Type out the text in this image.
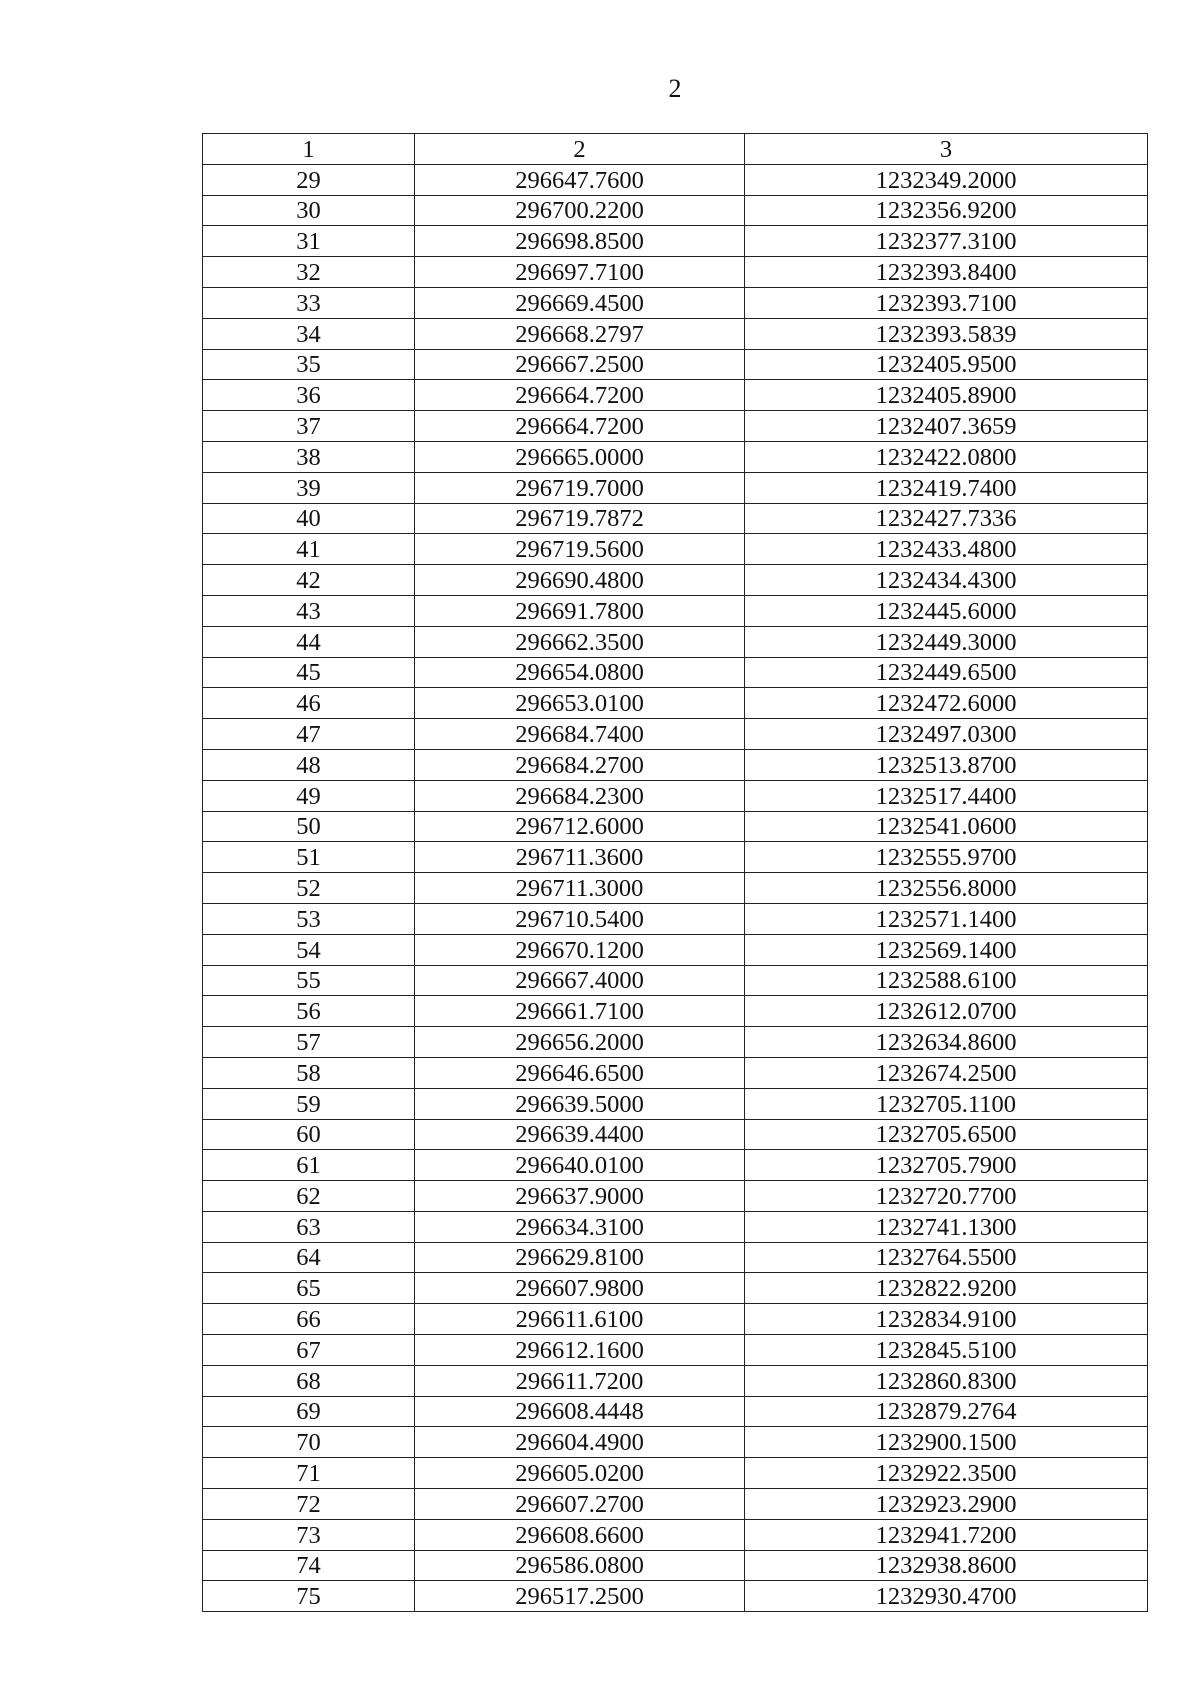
2
1	2	3
29	296647.7600	1232349.2000
30	296700.2200	1232356.9200
31	296698.8500	1232377.3100
32	296697.7100	1232393.8400
33	296669.4500	1232393.7100
34	296668.2797	1232393.5839
35	296667.2500	1232405.9500
36	296664.7200	1232405.8900
37	296664.7200	1232407.3659
38	296665.0000	1232422.0800
39	296719.7000	1232419.7400
40	296719.7872	1232427.7336
41	296719.5600	1232433.4800
42	296690.4800	1232434.4300
43	296691.7800	1232445.6000
44	296662.3500	1232449.3000
45	296654.0800	1232449.6500
46	296653.0100	1232472.6000
47	296684.7400	1232497.0300
48	296684.2700	1232513.8700
49	296684.2300	1232517.4400
50	296712.6000	1232541.0600
51	296711.3600	1232555.9700
52	296711.3000	1232556.8000
53	296710.5400	1232571.1400
54	296670.1200	1232569.1400
55	296667.4000	1232588.6100
56	296661.7100	1232612.0700
57	296656.2000	1232634.8600
58	296646.6500	1232674.2500
59	296639.5000	1232705.1100
60	296639.4400	1232705.6500
61	296640.0100	1232705.7900
62	296637.9000	1232720.7700
63	296634.3100	1232741.1300
64	296629.8100	1232764.5500
65	296607.9800	1232822.9200
66	296611.6100	1232834.9100
67	296612.1600	1232845.5100
68	296611.7200	1232860.8300
69	296608.4448	1232879.2764
70	296604.4900	1232900.1500
71	296605.0200	1232922.3500
72	296607.2700	1232923.2900
73	296608.6600	1232941.7200
74	296586.0800	1232938.8600
75	296517.2500	1232930.4700
